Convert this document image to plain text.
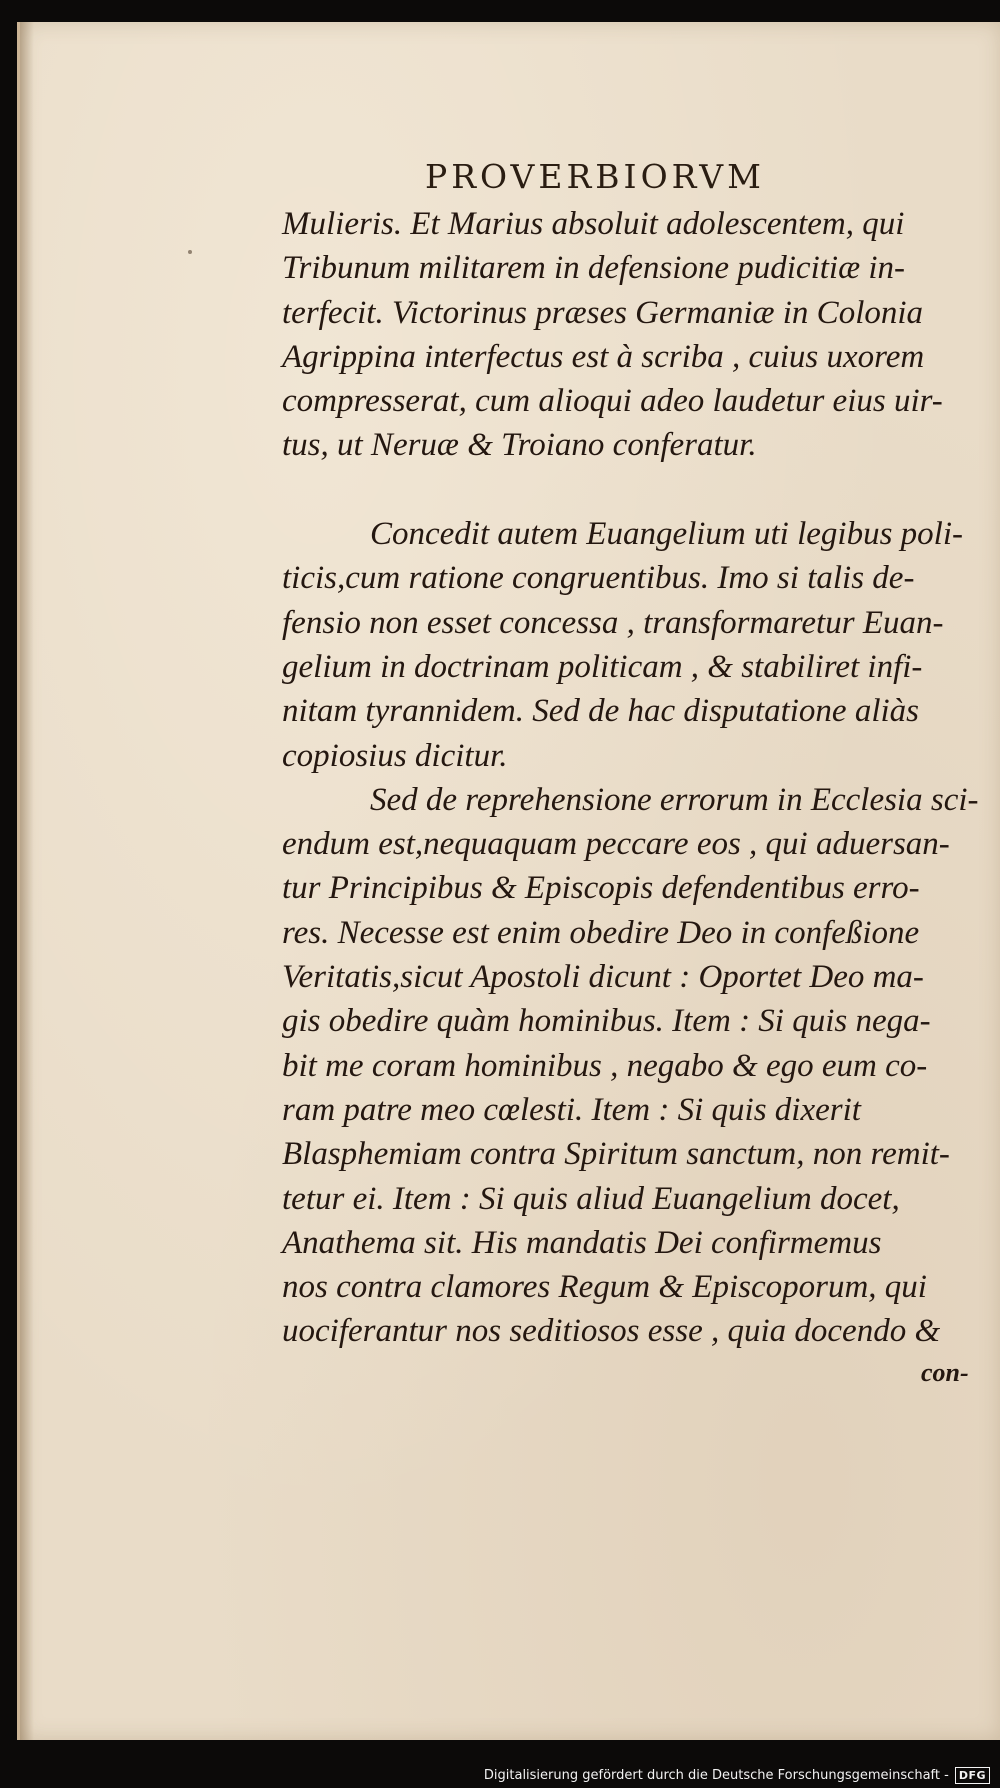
PROVERBIORVM
Mulieris. Et Marius absoluit adolescentem, qui
Tribunum militarem in defensione pudicitiæ in-
terfecit. Victorinus præses Germaniæ in Colonia
Agrippina interfectus est à scriba , cuius uxorem
compresserat, cum alioqui adeo laudetur eius uir-
tus, ut Neruæ & Troiano conferatur.
Concedit autem Euangelium uti legibus poli-
ticis,cum ratione congruentibus. Imo si talis de-
fensio non esset concessa , transformaretur Euan-
gelium in doctrinam politicam , & stabiliret infi-
nitam tyrannidem. Sed de hac disputatione aliàs
copiosius dicitur.
Sed de reprehensione errorum in Ecclesia sci-
endum est,nequaquam peccare eos , qui aduersan-
tur Principibus & Episcopis defendentibus erro-
res. Necesse est enim obedire Deo in confeßione
Veritatis,sicut Apostoli dicunt : Oportet Deo ma-
gis obedire quàm hominibus. Item : Si quis nega-
bit me coram hominibus , negabo & ego eum co-
ram patre meo cœlesti. Item : Si quis dixerit
Blasphemiam contra Spiritum sanctum, non remit-
tetur ei. Item : Si quis aliud Euangelium docet,
Anathema sit. His mandatis Dei confirmemus
nos contra clamores Regum & Episcoporum, qui
uociferantur nos seditiosos esse , quia docendo &
con-
Digitalisierung gefördert durch die Deutsche Forschungsgemeinschaft - DFG
